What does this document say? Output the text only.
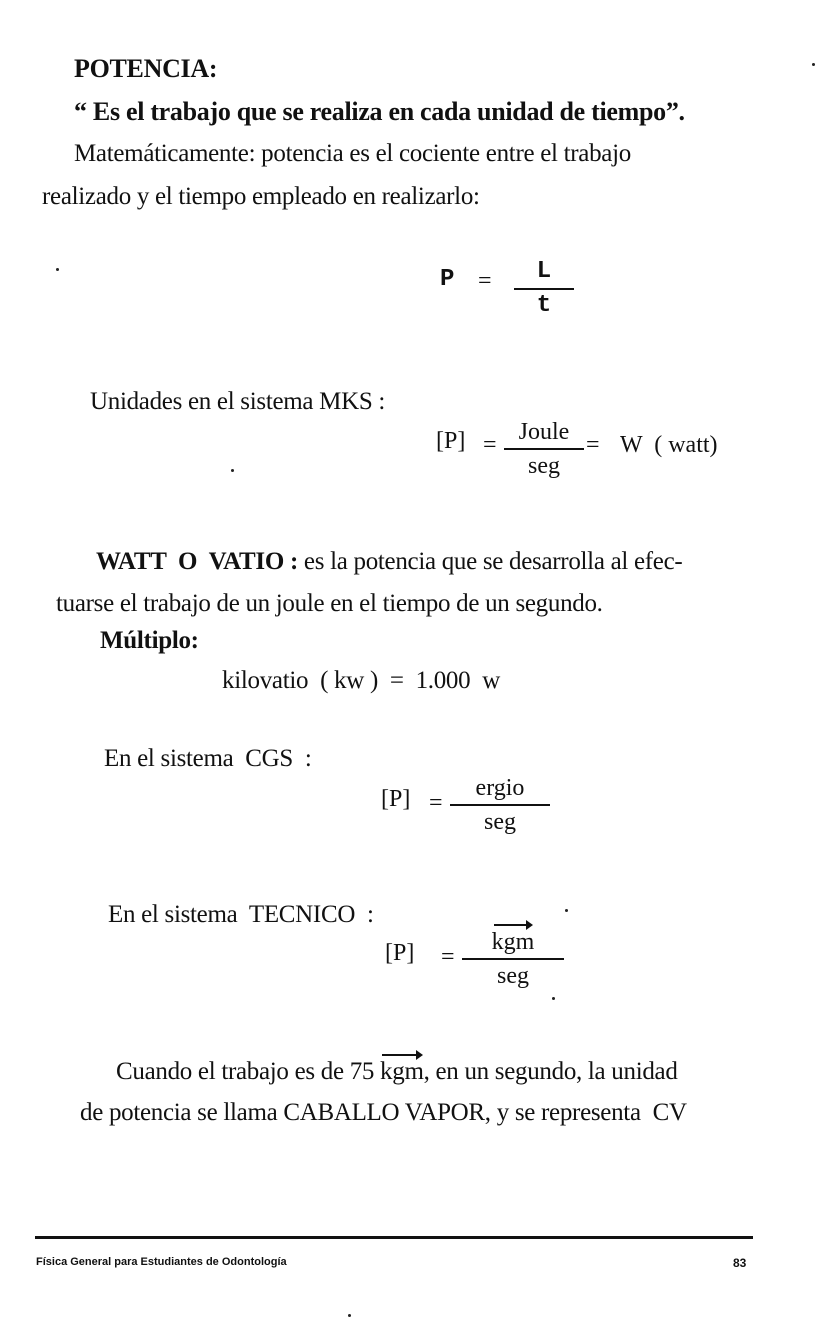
POTENCIA:
“ Es el trabajo que se realiza en cada unidad de tiempo”.
Matemáticamente: potencia es el cociente entre el trabajo
realizado y el tiempo empleado en realizarlo:
P =	L
t
Unidades en el sistema MKS :
[P] = Joule
seg
= W  ( watt)
WATT  O  VATIO : es la potencia que se desarrolla al efec-
tuarse el trabajo de un joule en el tiempo de un segundo.
Múltiplo:
kilovatio  ( kw )  =  1.000  w
En el sistema  CGS  :
[P] =
ergio
seg
En el sistema  TECNICO  :
[P] =
kgm
seg
Cuando el trabajo es de 75 kgm, en un segundo, la unidad
de potencia se llama CABALLO VAPOR, y se representa  CV
Física General para Estudiantes de Odontología	83
